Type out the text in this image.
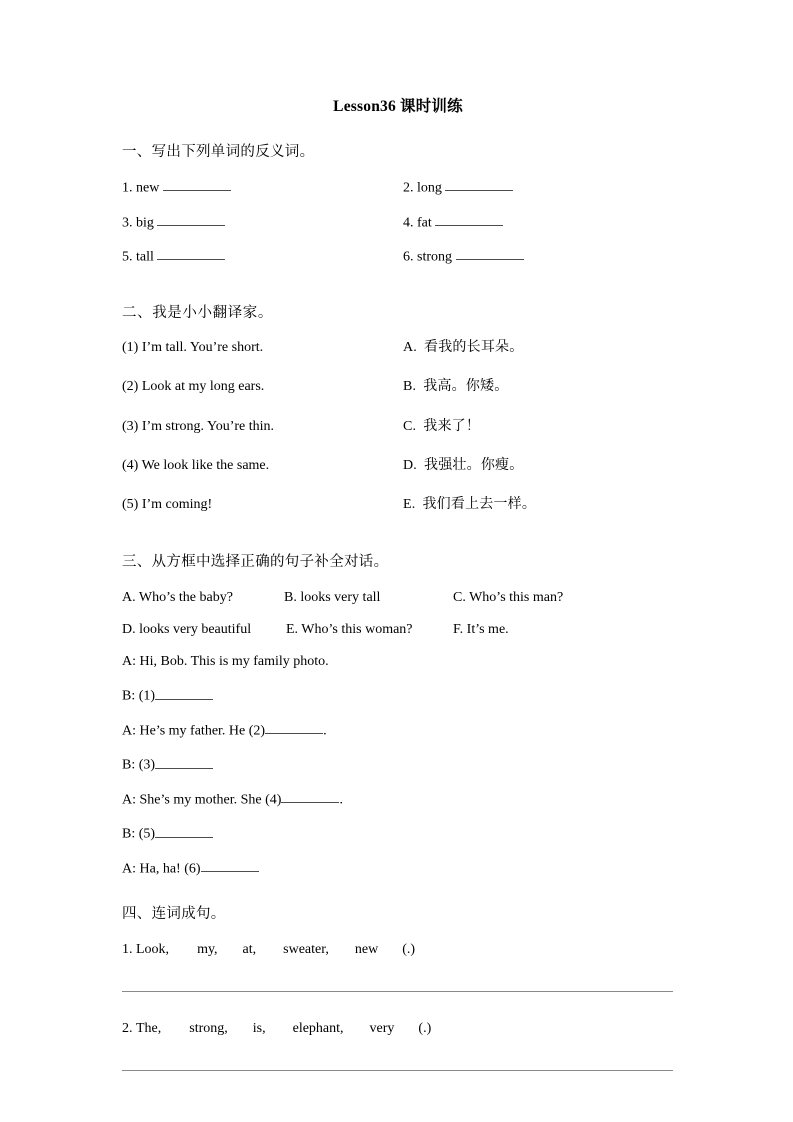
Lesson36 课时训练
一、写出下列单词的反义词。
1. new	2. long
3. big	4. fat
5. tall	6. strong
二、我是小小翻译家。
(1) I’m tall. You’re short.	A. 看我的长耳朵。
(2) Look at my long ears.	B. 我高。你矮。
(3) I’m strong. You’re thin.	C. 我来了！
(4) We look like the same.	D. 我强壮。你瘦。
(5) I’m coming!	E. 我们看上去一样。
三、从方框中选择正确的句子补全对话。
A. Who’s the baby?	B. looks very tall	C. Who’s this man?
D. looks very beautiful E. Who’s this woman?	F. It’s me.
A: Hi, Bob. This is my family photo.
B: (1)
A: He’s my father. He (2)	.
B: (3)
A: She’s my mother. She (4)	.
B: (5)
A: Ha, ha! (6)
四、连词成句。
1. Look, my, at, sweater, new (.)
2. The, strong, is, elephant, very (.)
